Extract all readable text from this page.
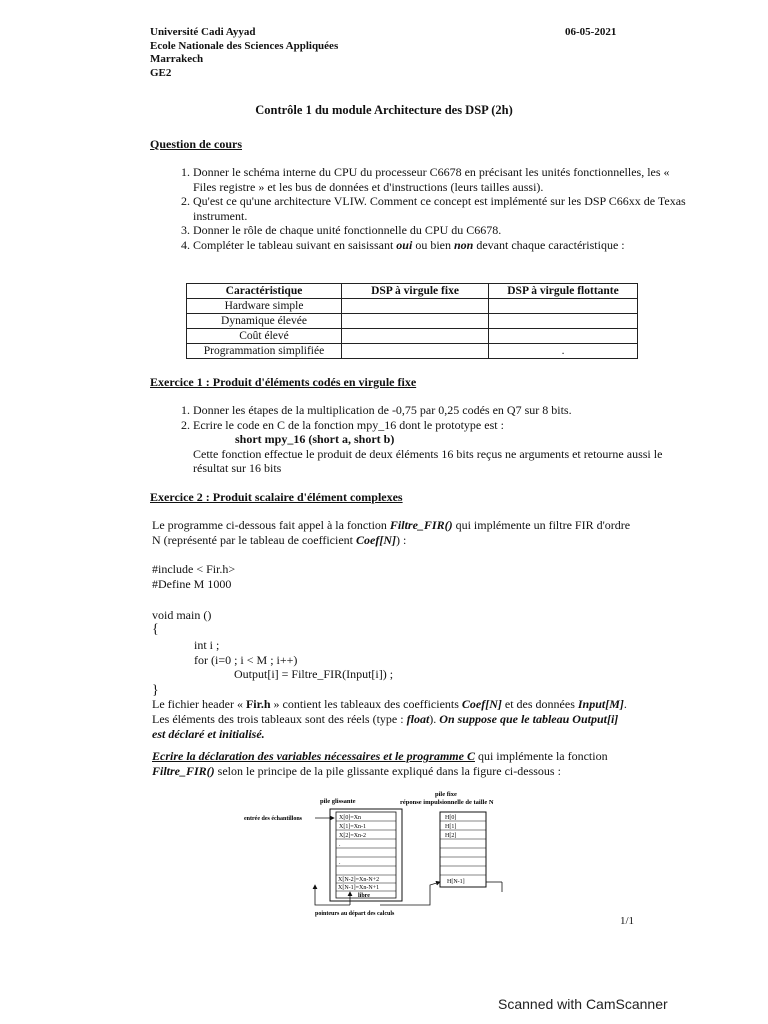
Université Cadi Ayyad
Ecole Nationale des Sciences Appliquées
Marrakech
GE2
06-05-2021
Contrôle 1 du module Architecture des DSP (2h)
Question de cours
1. Donner le schéma interne du CPU du processeur C6678 en précisant les unités fonctionnelles, les « Files registre » et les bus de données et d'instructions (leurs tailles aussi).
2. Qu'est ce qu'une architecture VLIW. Comment ce concept est implémenté sur les DSP C66xx de Texas instrument.
3. Donner le rôle de chaque unité fonctionnelle du CPU du C6678.
4. Compléter le tableau suivant en saisissant oui ou bien non devant chaque caractéristique :
Caractéristique	DSP à virgule fixe	DSP à virgule flottante
Hardware simple		
Dynamique élevée		
Coût élevé		
Programmation simplifiée		.
Exercice 1 : Produit d'éléments codés en virgule fixe
1. Donner les étapes de la multiplication de -0,75 par 0,25 codés en Q7 sur 8 bits.
2. Ecrire le code en C de la fonction mpy_16 dont le prototype est :
short mpy_16 (short a, short b)
Cette fonction effectue le produit de deux éléments 16 bits reçus ne arguments et retourne aussi le résultat sur 16 bits
Exercice 2 : Produit scalaire d'élément complexes
Le programme ci-dessous fait appel à la fonction Filtre_FIR() qui implémente un filtre FIR d'ordre N (représenté par le tableau de coefficient Coef[N]) :
#include < Fir.h>
#Define M 1000
void main ()
{
int i ;
for (i=0 ; i < M ; i++)
Output[i] = Filtre_FIR(Input[i]) ;
}
Le fichier header « Fir.h » contient les tableaux des coefficients Coef[N] et des données Input[M]. Les éléments des trois tableaux sont des réels (type : float). On suppose que le tableau Output[i] est déclaré et initialisé.
Ecrire la déclaration des variables nécessaires et le programme C qui implémente la fonction Filtre_FIR() selon le principe de la pile glissante expliqué dans la figure ci-dessous :
pile glissante
pile fixe
réponse impulsionnelle de taille N
entrée des échantillons	X[0]=Xn
X[1]=Xn-1
X[2]=Xn-2
.
.
X[N-2]=Xn-N+2
X[N-1]=Xn-N+1
libre
H[0]
H[1]
H[2]
H[N-1]
pointeurs au départ des calculs
1/1
Scanned with CamScanner
